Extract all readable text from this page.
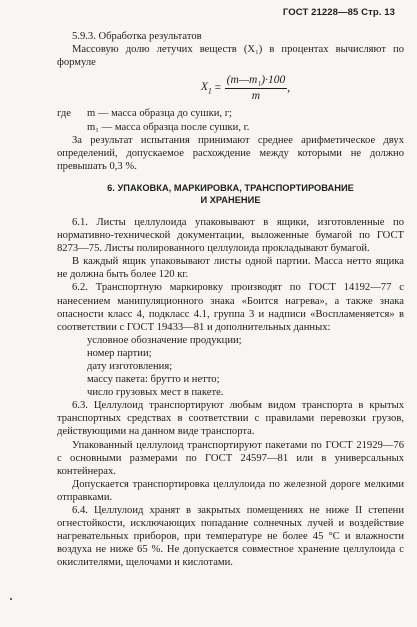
ГОСТ 21228—85 Стр. 13

5.9.3. Обработка результатов

Массовую долю летучих веществ (X₁) в процентах вычисляют по формуле

$X_1 = \frac{\text{(m—m₁)·100}}{m}$ ,
где	m — масса образца до сушки, г;
m₁ — масса образца после сушки, г.

За результат испытания принимают среднее арифметическое двух определений, допускаемое расхождение между которыми не должно превышать 0,3 %.

6. УПАКОВКА, МАРКИРОВКА, ТРАНСПОРТИРОВАНИЕ
И ХРАНЕНИЕ

6.1. Листы целлулоида упаковывают в ящики, изготовленные по нормативно-технической документации, выложенные бумагой по ГОСТ 8273—75. Листы полированного целлулоида прокладывают бумагой.

В каждый ящик упаковывают листы одной партии. Масса нетто ящика не должна быть более 120 кг.

6.2. Транспортную маркировку производят по ГОСТ 14192—77 с нанесением манипуляционного знака «Боится нагрева», а также знака опасности класс 4, подкласс 4.1, группа 3 и надписи «Воспламеняется» в соответствии с ГОСТ 19433—81 и дополнительных данных:

условное обозначение продукции;
номер партии;
дату изготовления;
массу пакета: брутто и нетто;
число грузовых мест в пакете.

6.3. Целлулоид транспортируют любым видом транспорта в крытых транспортных средствах в соответствии с правилами перевозки грузов, действующими на данном виде транспорта.

Упакованный целлулоид транспортируют пакетами по ГОСТ 21929—76 с основными размерами по ГОСТ 24597—81 или в универсальных контейнерах.

Допускается транспортировка целлулоида по железной дороге мелкими отправками.

6.4. Целлулоид хранят в закрытых помещениях не ниже II степени огнестойкости, исключающих попадание солнечных лучей и воздействие нагревательных приборов, при температуре не более 45 °С и влажности воздуха не ниже 65 %. Не допускается совместное хранение целлулоида с окислителями, щелочами и кислотами.
